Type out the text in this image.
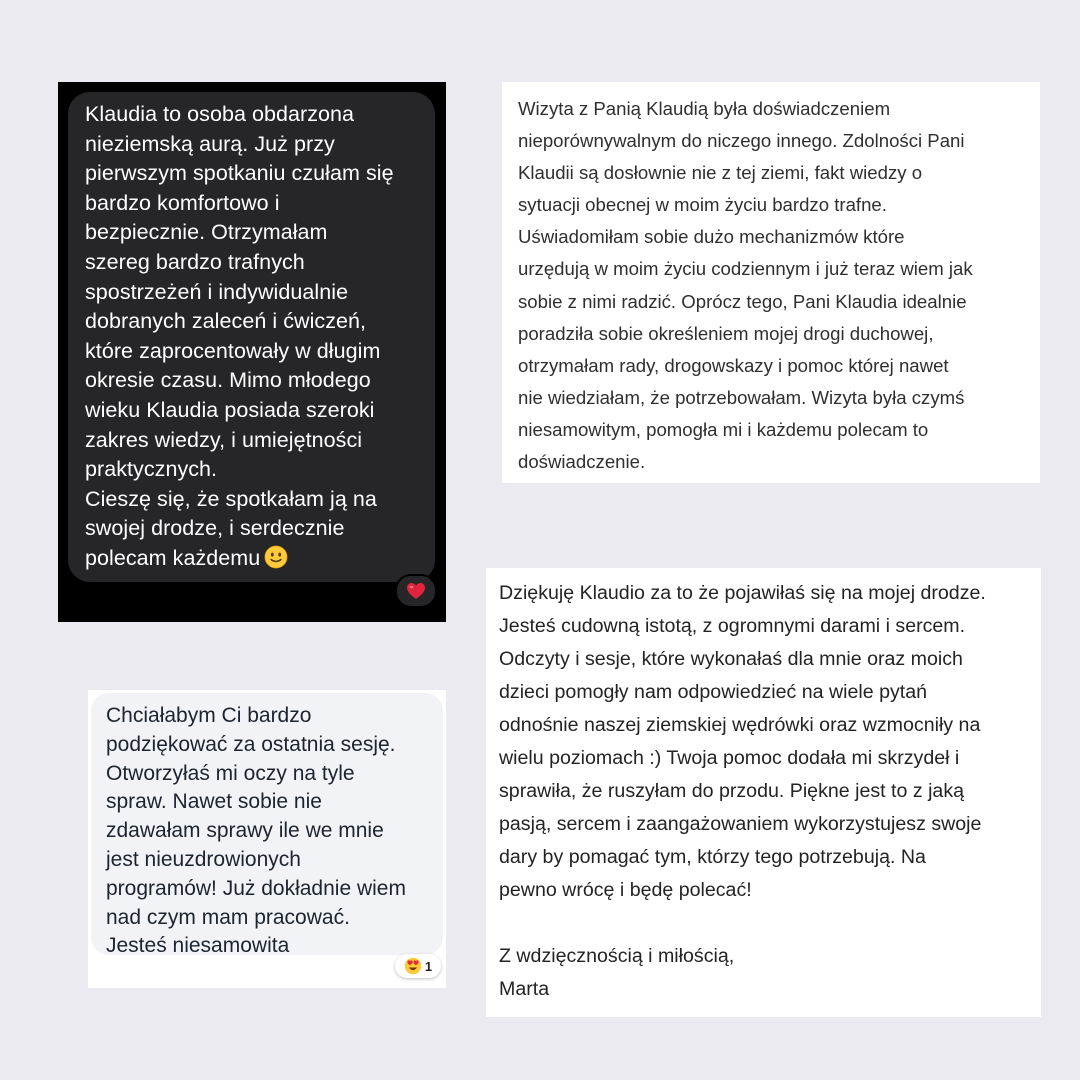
Klaudia to osoba obdarzona
nieziemską aurą. Już przy
pierwszym spotkaniu czułam się
bardzo komfortowo i
bezpiecznie. Otrzymałam
szereg bardzo trafnych
spostrzeżeń i indywidualnie
dobranych zaleceń i ćwiczeń,
które zaprocentowały w długim
okresie czasu. Mimo młodego
wieku Klaudia posiada szeroki
zakres wiedzy, i umiejętności
praktycznych.
Cieszę się, że spotkałam ją na
swojej drodze, i serdecznie
polecam każdemu

Wizyta z Panią Klaudią była doświadczeniem
nieporównywalnym do niczego innego. Zdolności Pani
Klaudii są dosłownie nie z tej ziemi, fakt wiedzy o
sytuacji obecnej w moim życiu bardzo trafne.
Uświadomiłam sobie dużo mechanizmów które
urzędują w moim życiu codziennym i już teraz wiem jak
sobie z nimi radzić. Oprócz tego, Pani Klaudia idealnie
poradziła sobie określeniem mojej drogi duchowej,
otrzymałam rady, drogowskazy i pomoc której nawet
nie wiedziałam, że potrzebowałam. Wizyta była czymś
niesamowitym, pomogła mi i każdemu polecam to
doświadczenie.

Chciałabym Ci bardzo
podziękować za ostatnia sesję.
Otworzyłaś mi oczy na tyle
spraw. Nawet sobie nie
zdawałam sprawy ile we mnie
jest nieuzdrowionych
programów! Już dokładnie wiem
nad czym mam pracować.
Jesteś niesamowita

1

Dziękuję Klaudio za to że pojawiłaś się na mojej drodze.
Jesteś cudowną istotą, z ogromnymi darami i sercem.
Odczyty i sesje, które wykonałaś dla mnie oraz moich
dzieci pomogły nam odpowiedzieć na wiele pytań
odnośnie naszej ziemskiej wędrówki oraz wzmocniły na
wielu poziomach :) Twoja pomoc dodała mi skrzydeł i
sprawiła, że ruszyłam do przodu. Piękne jest to z jaką
pasją, sercem i zaangażowaniem wykorzystujesz swoje
dary by pomagać tym, którzy tego potrzebują. Na
pewno wrócę i będę polecać!

Z wdzięcznością i miłością,
Marta
